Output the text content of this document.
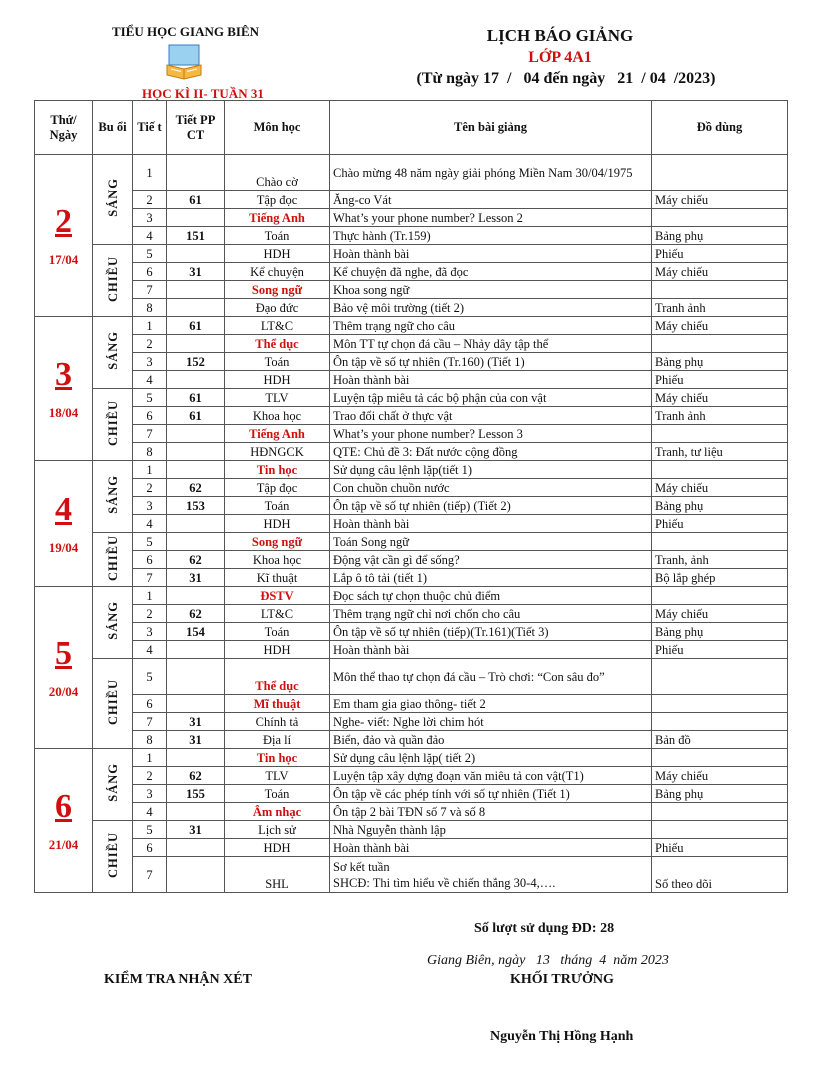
TIỂU HỌC GIANG BIÊN
HỌC KÌ II- TUẦN 31
LỊCH BÁO GIẢNG
LỚP 4A1
(Từ ngày 17  /   04 đến ngày   21  / 04  /2023)
Thứ/ Ngày	Bu ổi	Tiế t	Tiết PP CT	Môn học	Tên bài giảng	Đồ dùng

2
17/04	SÁNG	1		Chào cờ	Chào mừng 48 năm ngày giải phóng Miền Nam 30/04/1975	
		2	61	Tập đọc	Ăng-co Vát	Máy chiếu
		3		Tiếng Anh	What’s your phone number? Lesson 2	
		4	151	Toán	Thực hành (Tr.159)	Bảng phụ
	CHIỀU	5		HDH	Hoàn thành bài	Phiếu
		6	31	Kể chuyện	Kể chuyện đã nghe, đã đọc	Máy chiếu
		7		Song ngữ	Khoa song ngữ	
		8		Đạo đức	Bảo vệ môi trường (tiết 2)	Tranh ảnh

3
18/04	SÁNG	1	61	LT&C	Thêm trạng ngữ cho câu	Máy chiếu
		2		Thể dục	Môn TT tự chọn đá cầu – Nhảy dây tập thể	
		3	152	Toán	Ôn tập về số tự nhiên (Tr.160) (Tiết 1)	Bảng phụ
		4		HDH	Hoàn thành bài	Phiếu
	CHIỀU	5	61	TLV	Luyện tập miêu tả các bộ phận của con vật	Máy chiếu
		6	61	Khoa học	Trao đổi chất ở thực vật	Tranh ảnh
		7		Tiếng Anh	What’s your phone number? Lesson 3	
		8		HĐNGCK	QTE: Chủ đề 3: Đất nước cộng đồng	Tranh, tư liệu

4
19/04	SÁNG	1		Tin học	Sử dụng câu lệnh lặp(tiết 1)	
		2	62	Tập đọc	Con chuồn chuồn nước	Máy chiếu
		3	153	Toán	Ôn tập về số tự nhiên (tiếp) (Tiết 2)	Bảng phụ
		4		HDH	Hoàn thành bài	Phiếu
	CHIỀU	5		Song ngữ	Toán Song ngữ	
		6	62	Khoa học	Động vật cần gì để sống?	Tranh, ảnh
		7	31	Kĩ thuật	Lắp ô tô tải (tiết 1)	Bộ lắp ghép

5
20/04	SÁNG	1		ĐSTV	Đọc sách tự chọn thuộc chủ điểm	
		2	62	LT&C	Thêm trạng ngữ chỉ nơi chốn cho câu	Máy chiếu
		3	154	Toán	Ôn tập về số tự nhiên (tiếp)(Tr.161)(Tiết 3)	Bảng phụ
		4		HDH	Hoàn thành bài	Phiếu
	CHIỀU	5		Thể dục	Môn thể thao tự chọn đá cầu – Trò chơi: “Con sâu đo”	
		6		Mĩ thuật	Em tham gia giao thông- tiết 2	
		7	31	Chính tả	Nghe- viết: Nghe lời chim hót	
		8	31	Địa lí	Biển, đảo và quần đảo	Bản đồ

6
21/04	SÁNG	1		Tin học	Sử dụng câu lệnh lặp( tiết 2)	
		2	62	TLV	Luyện tập xây dựng đoạn văn miêu tả con vật(T1)	Máy chiếu
		3	155	Toán	Ôn tập về các phép tính với số tự nhiên (Tiết 1)	Bảng phụ
		4		Âm nhạc	Ôn tập 2 bài TĐN số 7 và số 8	
	CHIỀU	5	31	Lịch sử	Nhà Nguyễn thành lập	
		6		HDH	Hoàn thành bài	Phiếu
		7		SHL	Sơ kết tuần
SHCĐ: Thi tìm hiểu về chiến thắng 30-4,….	Số theo dõi
Số lượt sử dụng ĐD: 28
Giang Biên, ngày   13   tháng  4  năm 2023
KIỂM TRA NHẬN XÉT	KHỐI TRƯỞNG
Nguyễn Thị Hồng Hạnh
